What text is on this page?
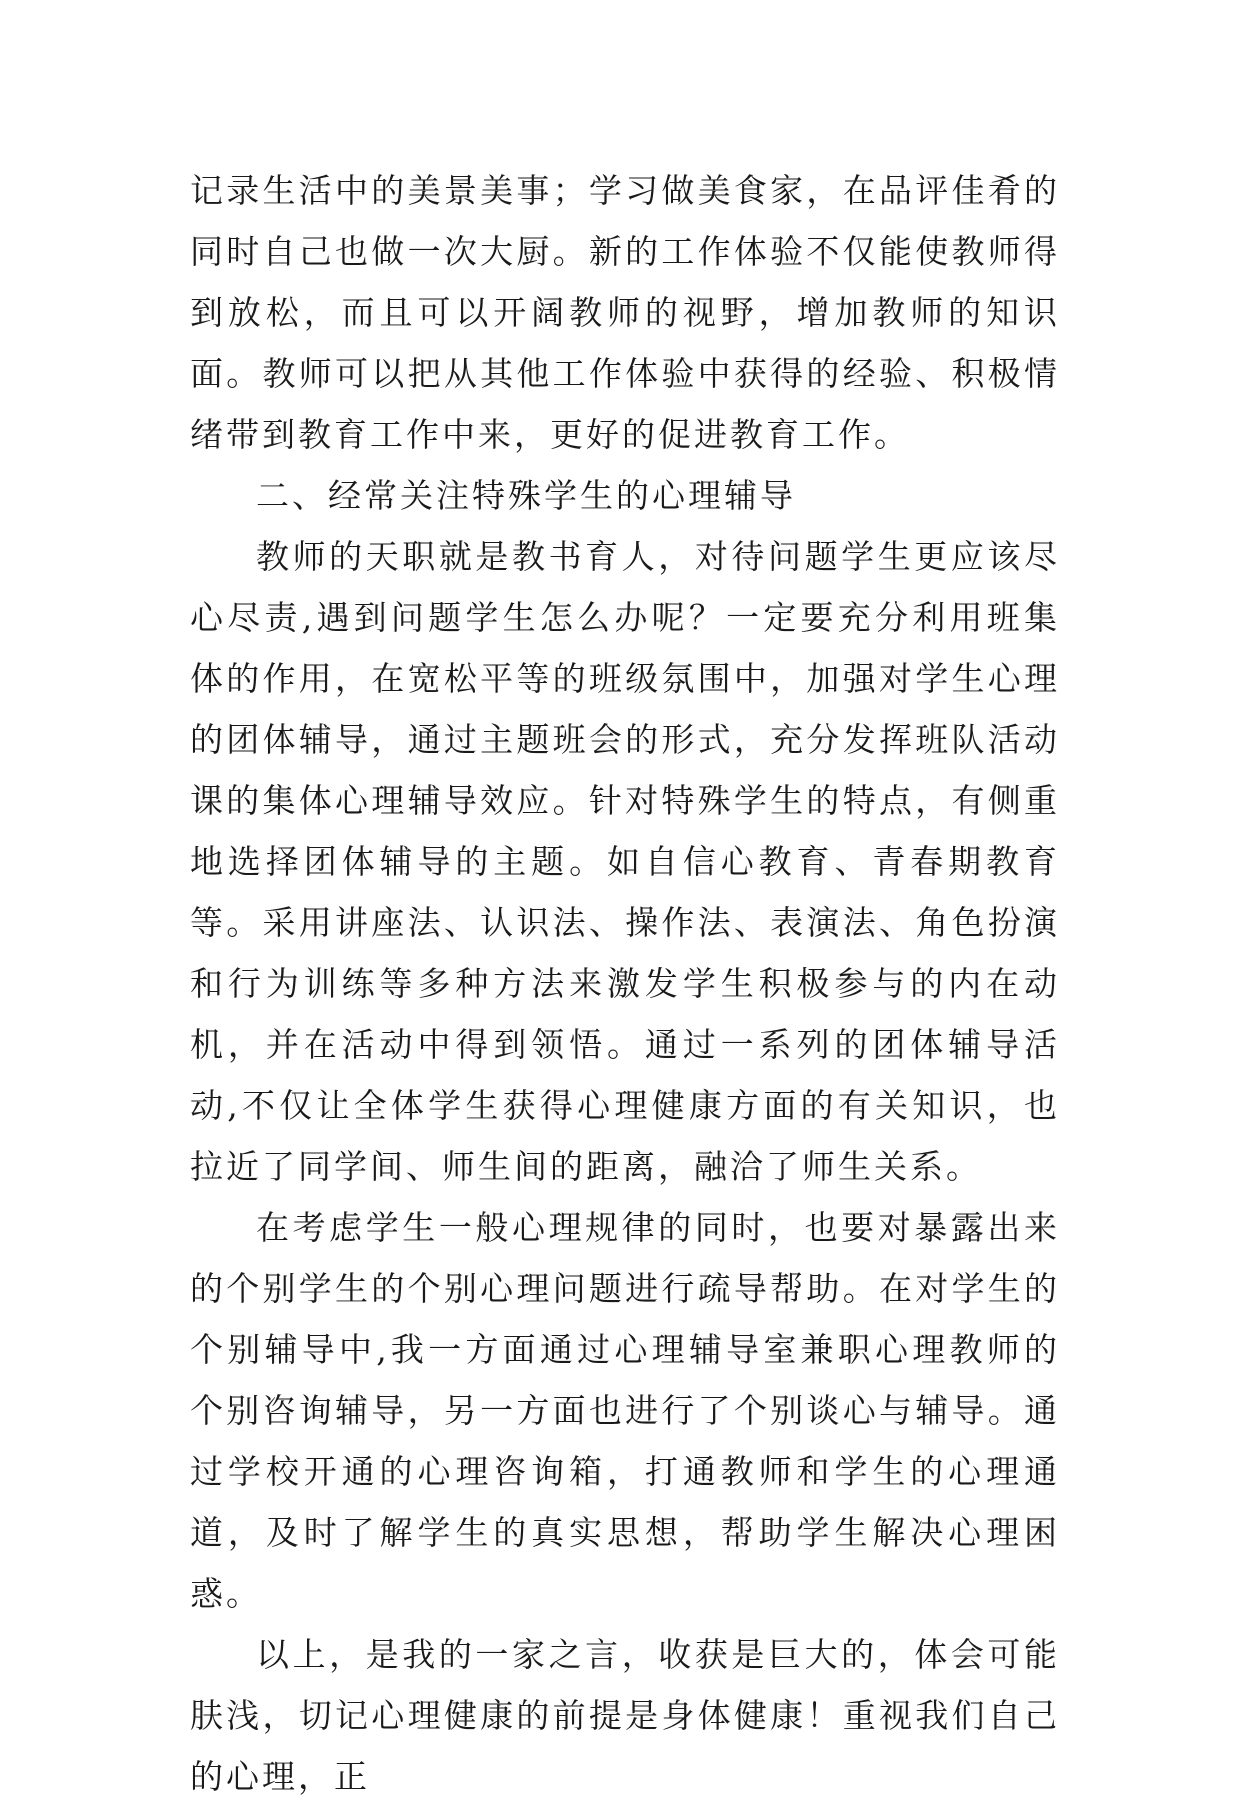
记录生活中的美景美事；学习做美食家，在品评佳肴的同时自己也做一次大厨。新的工作体验不仅能使教师得到放松，而且可以开阔教师的视野，增加教师的知识面。教师可以把从其他工作体验中获得的经验、积极情绪带到教育工作中来，更好的促进教育工作。

二、经常关注特殊学生的心理辅导

教师的天职就是教书育人，对待问题学生更应该尽心尽责,遇到问题学生怎么办呢？一定要充分利用班集体的作用，在宽松平等的班级氛围中，加强对学生心理的团体辅导，通过主题班会的形式，充分发挥班队活动课的集体心理辅导效应。针对特殊学生的特点，有侧重地选择团体辅导的主题。如自信心教育、青春期教育等。采用讲座法、认识法、操作法、表演法、角色扮演和行为训练等多种方法来激发学生积极参与的内在动机，并在活动中得到领悟。通过一系列的团体辅导活动,不仅让全体学生获得心理健康方面的有关知识，也拉近了同学间、师生间的距离，融洽了师生关系。

在考虑学生一般心理规律的同时，也要对暴露出来的个别学生的个别心理问题进行疏导帮助。在对学生的个别辅导中,我一方面通过心理辅导室兼职心理教师的个别咨询辅导，另一方面也进行了个别谈心与辅导。通过学校开通的心理咨询箱，打通教师和学生的心理通道，及时了解学生的真实思想，帮助学生解决心理困惑。

以上，是我的一家之言，收获是巨大的，体会可能肤浅，切记心理健康的前提是身体健康！重视我们自己的心理，正
